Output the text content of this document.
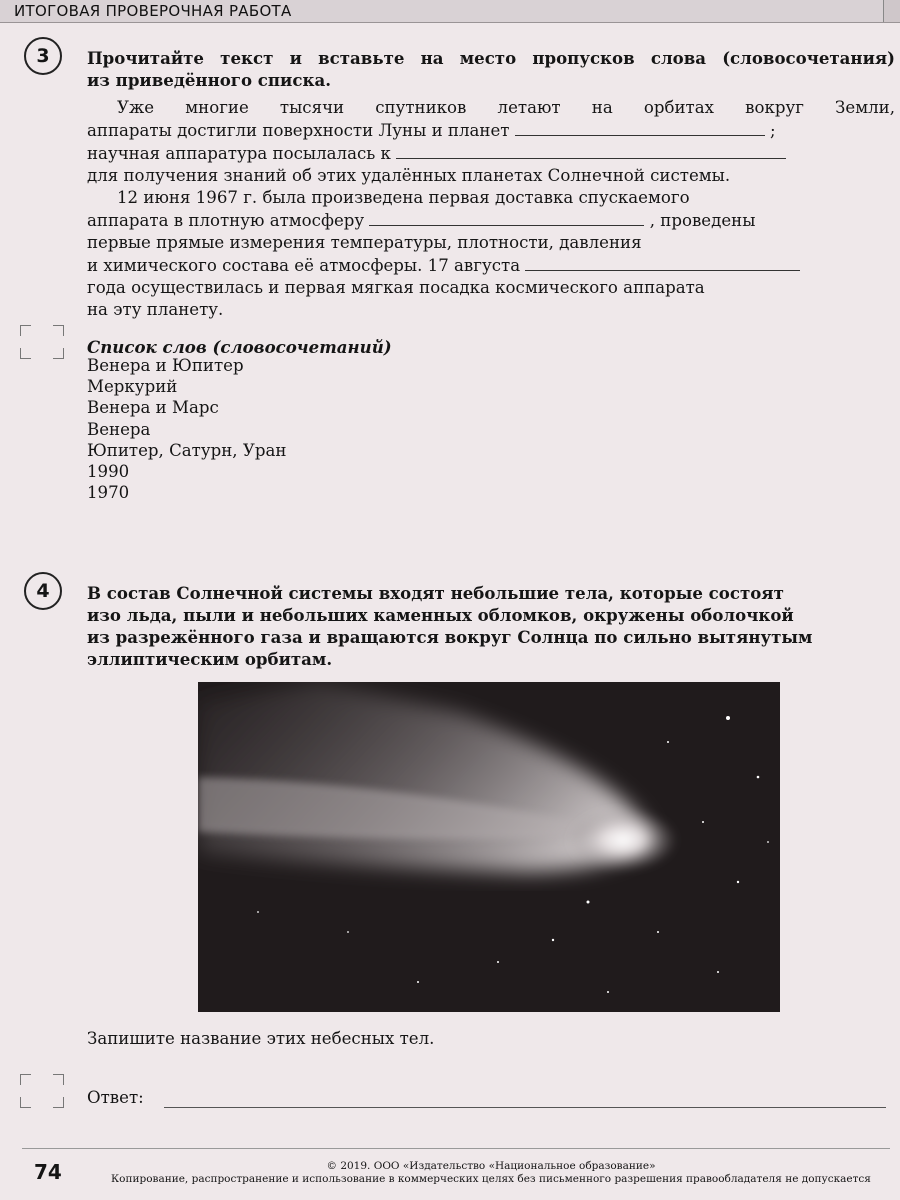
ИТОГОВАЯ ПРОВЕРОЧНАЯ РАБОТА
3	Прочитайте текст и вставьте на место пропусков слова (словосочетания)
из приведённого списка.

Уже многие тысячи спутников летают на орбитах вокруг Земли,
аппараты достигли поверхности Луны и планет	;
научная аппаратура посылалась к
для получения знаний об этих удалённых планетах Солнечной системы.
12 июня 1967 г. была произведена первая доставка спускаемого
аппарата в плотную атмосферу	, проведены
первые прямые измерения температуры, плотности, давления
и химического состава её атмосферы. 17 августа
года осуществилась и первая мягкая посадка космического аппарата
на эту планету.
Список слов (словосочетаний)
Венера и Юпитер
Меркурий
Венера и Марс
Венера
Юпитер, Сатурн, Уран
1990
1970
4	В состав Солнечной системы входят небольшие тела, которые состоят
изо льда, пыли и небольших каменных обломков, окружены оболочкой
из разрежённого газа и вращаются вокруг Солнца по сильно вытянутым
эллиптическим орбитам.
Запишите название этих небесных тел.
Ответ:
74	© 2019. ООО «Издательство «Национальное образование»
Копирование, распространение и использование в коммерческих целях без письменного разрешения правообладателя не допускается
